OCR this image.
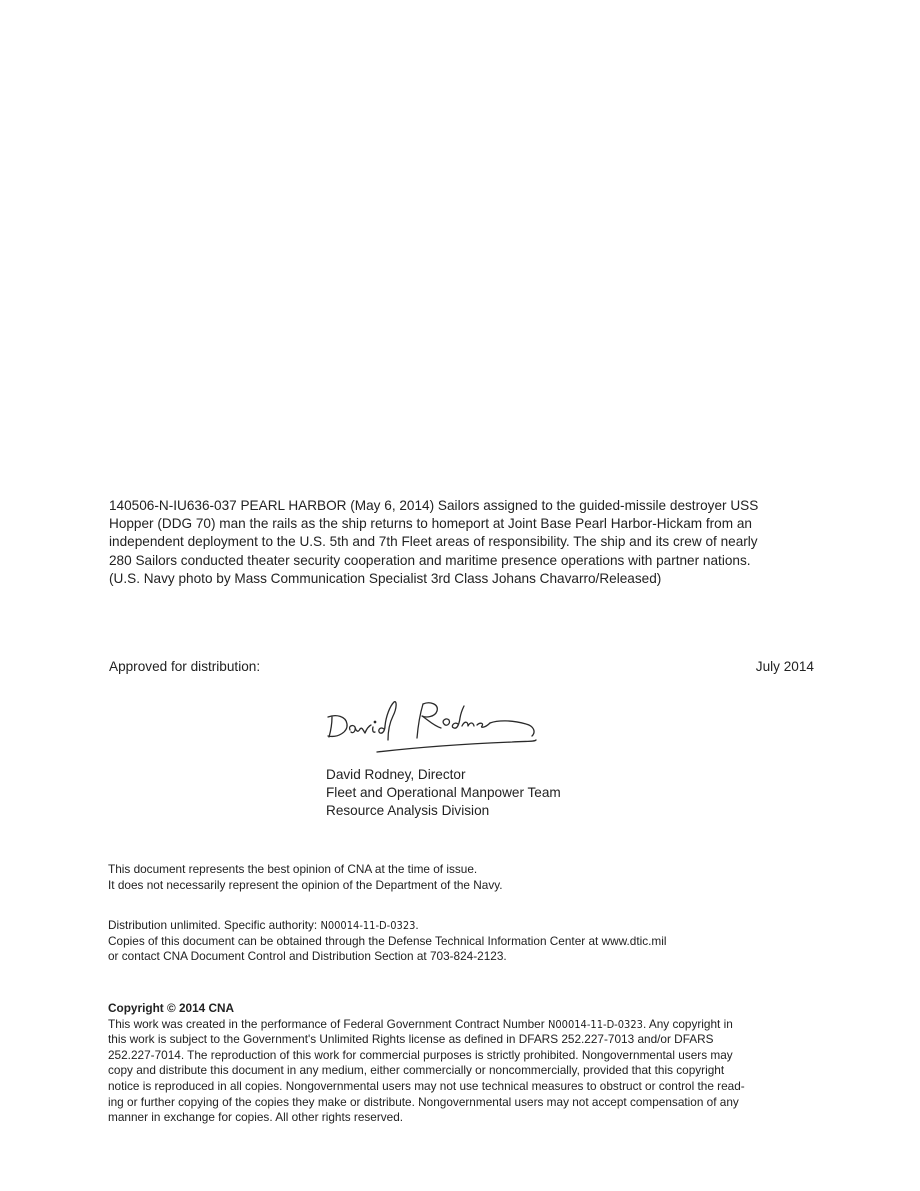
140506-N-IU636-037 PEARL HARBOR (May 6, 2014) Sailors assigned to the guided-missile destroyer USS
Hopper (DDG 70) man the rails as the ship returns to homeport at Joint Base Pearl Harbor-Hickam from an
independent deployment to the U.S. 5th and 7th Fleet areas of responsibility. The ship and its crew of nearly
280 Sailors conducted theater security cooperation and maritime presence operations with partner nations.
(U.S. Navy photo by Mass Communication Specialist 3rd Class Johans Chavarro/Released)
Approved for distribution:	July 2014
David Rodney, Director
Fleet and Operational Manpower Team
Resource Analysis Division
This document represents the best opinion of CNA at the time of issue.
It does not necessarily represent the opinion of the Department of the Navy.
Distribution unlimited. Specific authority: N00014-11-D-0323.
Copies of this document can be obtained through the Defense Technical Information Center at www.dtic.mil
or contact CNA Document Control and Distribution Section at 703-824-2123.
Copyright © 2014 CNA
This work was created in the performance of Federal Government Contract Number N00014-11-D-0323. Any copyright in
this work is subject to the Government's Unlimited Rights license as defined in DFARS 252.227-7013 and/or DFARS
252.227-7014. The reproduction of this work for commercial purposes is strictly prohibited. Nongovernmental users may
copy and distribute this document in any medium, either commercially or noncommercially, provided that this copyright
notice is reproduced in all copies. Nongovernmental users may not use technical measures to obstruct or control the read-
ing or further copying of the copies they make or distribute. Nongovernmental users may not accept compensation of any
manner in exchange for copies. All other rights reserved.
